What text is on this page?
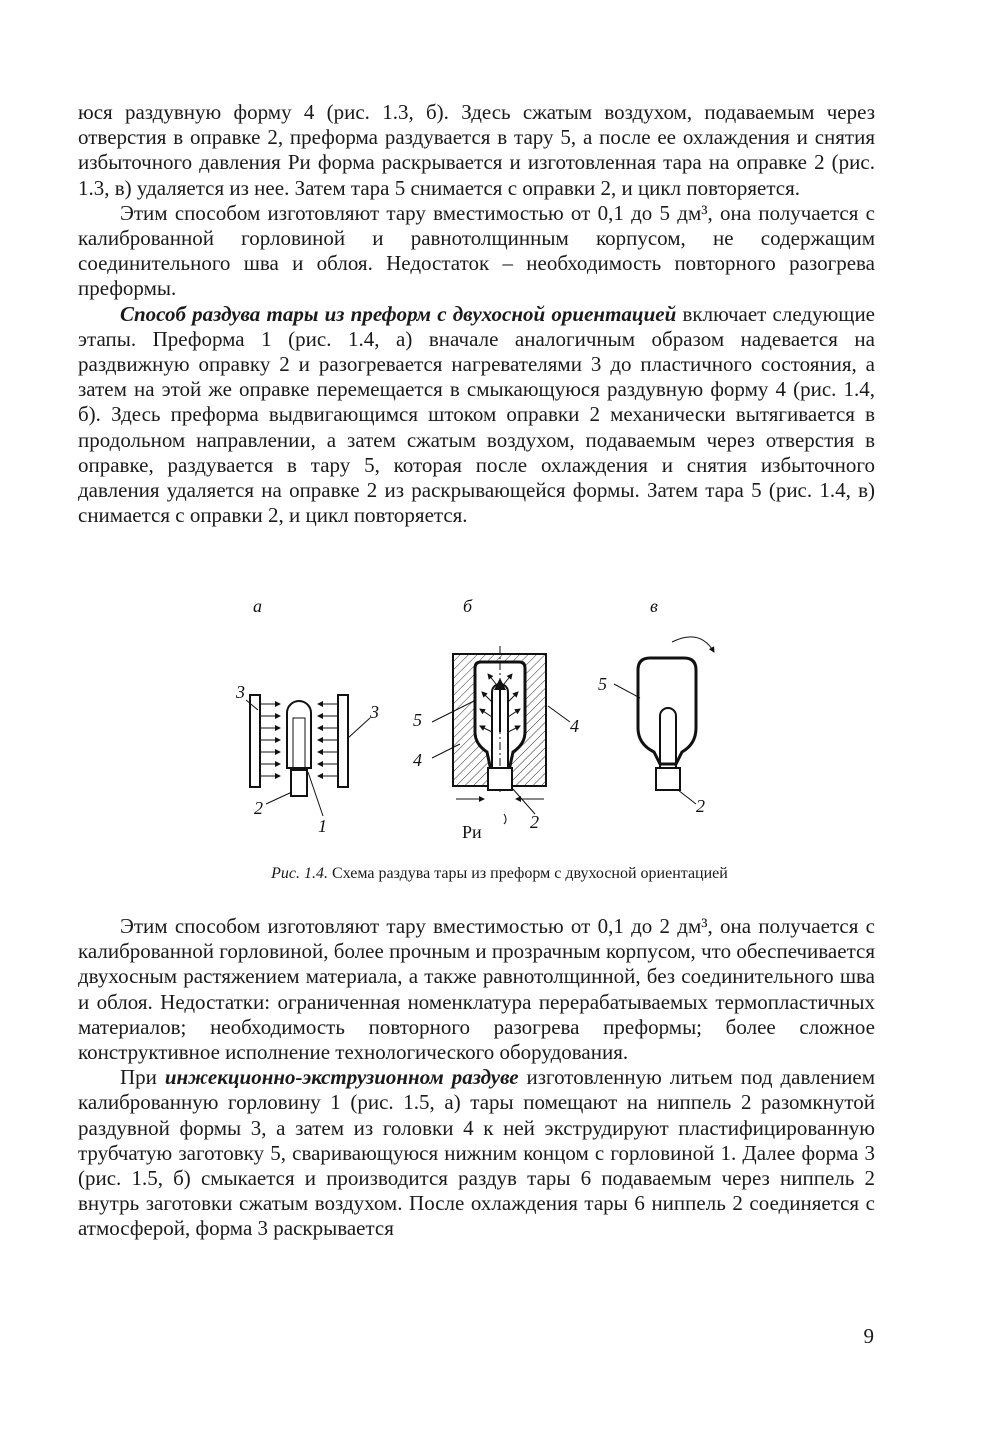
юся раздувную форму 4 (рис. 1.3, б). Здесь сжатым воздухом, подаваемым через отверстия в оправке 2, преформа раздувается в тару 5, а после ее охлаждения и снятия избыточного давления Pи форма раскрывается и изготовленная тара на оправке 2 (рис. 1.3, в) удаляется из нее. Затем тара 5 снимается с оправки 2, и цикл повторяется.

Этим способом изготовляют тару вместимостью от 0,1 до 5 дм³, она получается с калиброванной горловиной и равнотолщинным корпусом, не содержащим соединительного шва и облоя. Недостаток – необходимость повторного разогрева преформы.

Способ раздува тары из преформ с двухосной ориентацией включает следующие этапы. Преформа 1 (рис. 1.4, а) вначале аналогичным образом надевается на раздвижную оправку 2 и разогревается нагревателями 3 до пластичного состояния, а затем на этой же оправке перемещается в смыкающуюся раздувную форму 4 (рис. 1.4, б). Здесь преформа выдвигающимся штоком оправки 2 механически вытягивается в продольном направлении, а затем сжатым воздухом, подаваемым через отверстия в оправке, раздувается в тару 5, которая после охлаждения и снятия избыточного давления удаляется на оправке 2 из раскрывающейся формы. Затем тара 5 (рис. 1.4, в) снимается с оправки 2, и цикл повторяется.

а	б	в
3
3
2
1
5	4
4
2
Pи
5
2
Рис. 1.4. Схема раздува тары из преформ с двухосной ориентацией

Этим способом изготовляют тару вместимостью от 0,1 до 2 дм³, она получается с калиброванной горловиной, более прочным и прозрачным корпусом, что обеспечивается двухосным растяжением материала, а также равнотолщинной, без соединительного шва и облоя. Недостатки: ограниченная номенклатура перерабатываемых термопластичных материалов; необходимость повторного разогрева преформы; более сложное конструктивное исполнение технологического оборудования.

При инжекционно-экструзионном раздуве изготовленную литьем под давлением калиброванную горловину 1 (рис. 1.5, а) тары помещают на ниппель 2 разомкнутой раздувной формы 3, а затем из головки 4 к ней экструдируют пластифицированную трубчатую заготовку 5, сваривающуюся нижним концом с горловиной 1. Далее форма 3 (рис. 1.5, б) смыкается и производится раздув тары 6 подаваемым через ниппель 2 внутрь заготовки сжатым воздухом. После охлаждения тары 6 ниппель 2 соединяется с атмосферой, форма 3 раскрывается

9
